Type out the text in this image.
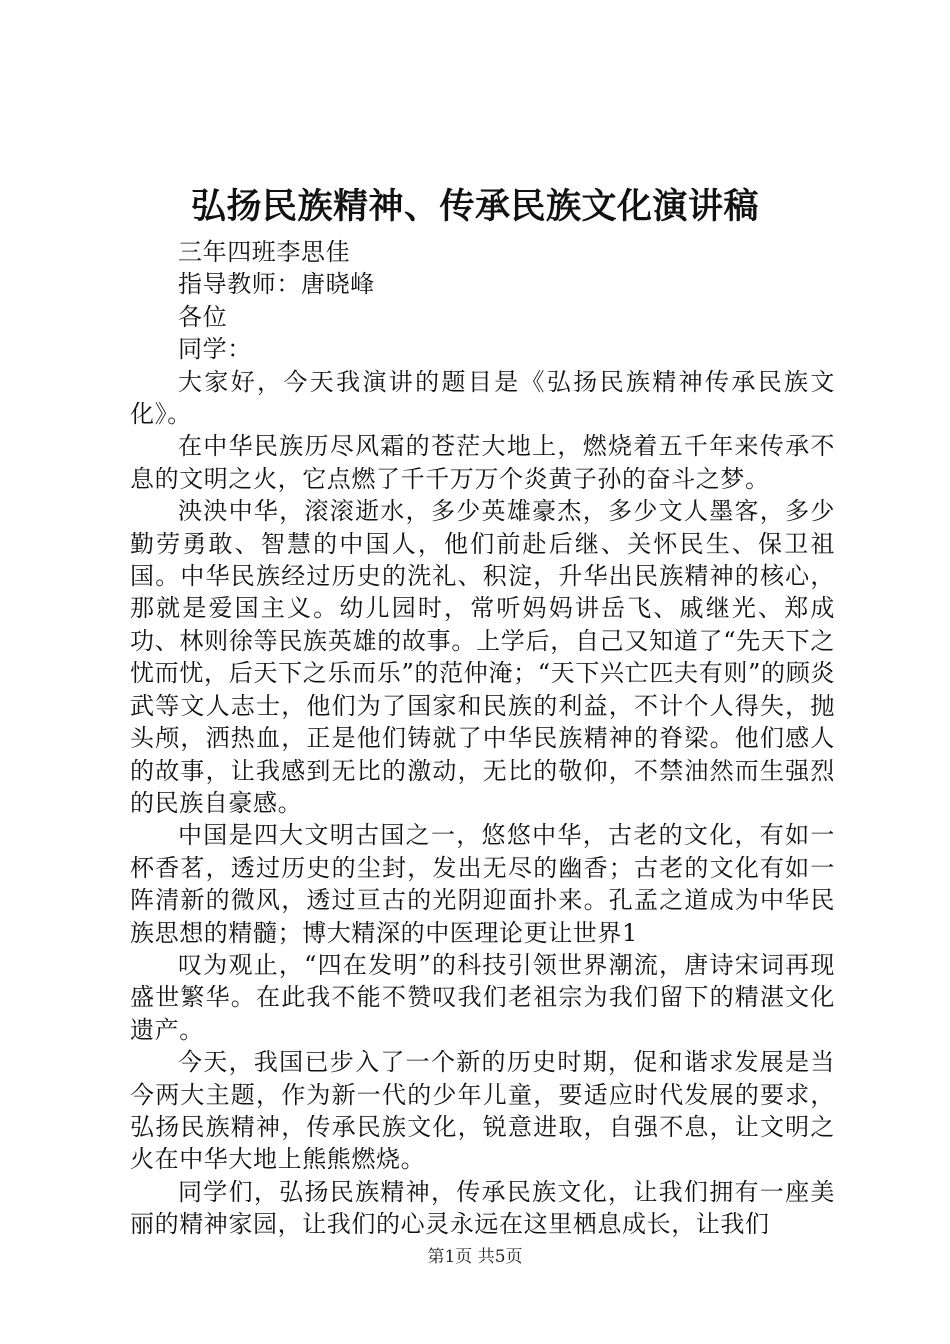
弘扬民族精神、传承民族文化演讲稿

三年四班李思佳

指导教师：唐晓峰

各位

同学：

大家好，今天我演讲的题目是《弘扬民族精神传承民族文化》。

在中华民族历尽风霜的苍茫大地上，燃烧着五千年来传承不息的文明之火，它点燃了千千万万个炎黄子孙的奋斗之梦。

泱泱中华，滚滚逝水，多少英雄豪杰，多少文人墨客，多少勤劳勇敢、智慧的中国人，他们前赴后继、关怀民生、保卫祖国。中华民族经过历史的洗礼、积淀，升华出民族精神的核心，那就是爱国主义。幼儿园时，常听妈妈讲岳飞、戚继光、郑成功、林则徐等民族英雄的故事。上学后，自己又知道了“先天下之忧而忧，后天下之乐而乐”的范仲淹；“天下兴亡匹夫有则”的顾炎武等文人志士，他们为了国家和民族的利益，不计个人得失，抛头颅，洒热血，正是他们铸就了中华民族精神的脊梁。他们感人的故事，让我感到无比的激动，无比的敬仰，不禁油然而生强烈的民族自豪感。

中国是四大文明古国之一，悠悠中华，古老的文化，有如一杯香茗，透过历史的尘封，发出无尽的幽香；古老的文化有如一阵清新的微风，透过亘古的光阴迎面扑来。孔孟之道成为中华民族思想的精髓；博大精深的中医理论更让世界1

叹为观止，“四在发明”的科技引领世界潮流，唐诗宋词再现盛世繁华。在此我不能不赞叹我们老祖宗为我们留下的精湛文化遗产。

今天，我国已步入了一个新的历史时期，促和谐求发展是当今两大主题，作为新一代的少年儿童，要适应时代发展的要求，弘扬民族精神，传承民族文化，锐意进取，自强不息，让文明之火在中华大地上熊熊燃烧。

同学们，弘扬民族精神，传承民族文化，让我们拥有一座美丽的精神家园，让我们的心灵永远在这里栖息成长，让我们

第1页 共5页
